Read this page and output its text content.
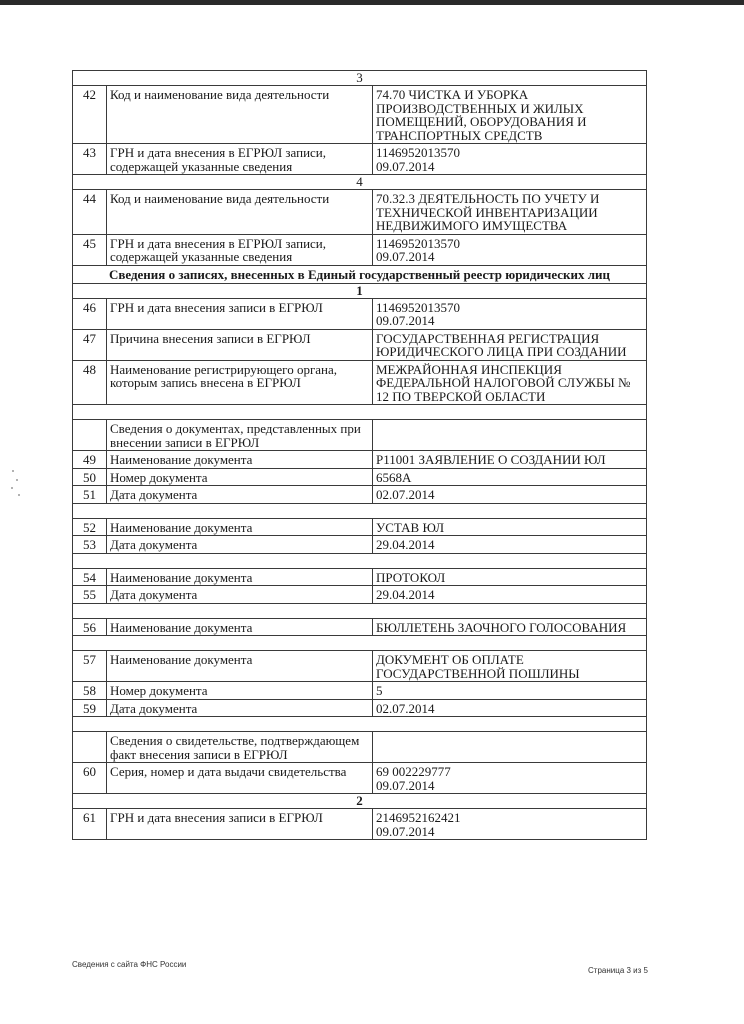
3		
42	Код и наименование вида деятельности	74.70 ЧИСТКА И УБОРКА ПРОИЗВОДСТВЕННЫХ И ЖИЛЫХ ПОМЕЩЕНИЙ, ОБОРУДОВАНИЯ И ТРАНСПОРТНЫХ СРЕДСТВ
43	ГРН и дата внесения в ЕГРЮЛ записи, содержащей указанные сведения	1146952013570
09.07.2014
4		
44	Код и наименование вида деятельности	70.32.3 ДЕЯТЕЛЬНОСТЬ ПО УЧЕТУ И ТЕХНИЧЕСКОЙ ИНВЕНТАРИЗАЦИИ НЕДВИЖИМОГО ИМУЩЕСТВА
45	ГРН и дата внесения в ЕГРЮЛ записи, содержащей указанные сведения	1146952013570
09.07.2014
Сведения о записях, внесенных в Единый государственный реестр юридических лиц		
1		
46	ГРН и дата внесения записи в ЕГРЮЛ	1146952013570
09.07.2014
47	Причина внесения записи в ЕГРЮЛ	ГОСУДАРСТВЕННАЯ РЕГИСТРАЦИЯ ЮРИДИЧЕСКОГО ЛИЦА ПРИ СОЗДАНИИ
48	Наименование регистрирующего органа, которым запись внесена в ЕГРЮЛ	МЕЖРАЙОННАЯ ИНСПЕКЦИЯ ФЕДЕРАЛЬНОЙ НАЛОГОВОЙ СЛУЖБЫ № 12 ПО ТВЕРСКОЙ ОБЛАСТИ

	Сведения о документах, представленных при внесении записи в ЕГРЮЛ	
49	Наименование документа	Р11001 ЗАЯВЛЕНИЕ О СОЗДАНИИ ЮЛ
50	Номер документа	6568А
51	Дата документа	02.07.2014

52	Наименование документа	УСТАВ ЮЛ
53	Дата документа	29.04.2014

54	Наименование документа	ПРОТОКОЛ
55	Дата документа	29.04.2014

56	Наименование документа	БЮЛЛЕТЕНЬ ЗАОЧНОГО ГОЛОСОВАНИЯ

57	Наименование документа	ДОКУМЕНТ ОБ ОПЛАТЕ ГОСУДАРСТВЕННОЙ ПОШЛИНЫ
58	Номер документа	5
59	Дата документа	02.07.2014

	Сведения о свидетельстве, подтверждающем факт внесения записи в ЕГРЮЛ	
60	Серия, номер и дата выдачи свидетельства	69 002229777
09.07.2014
2		
61	ГРН и дата внесения записи в ЕГРЮЛ	2146952162421
09.07.2014
Сведения с сайта ФНС России
Страница 3 из 5
